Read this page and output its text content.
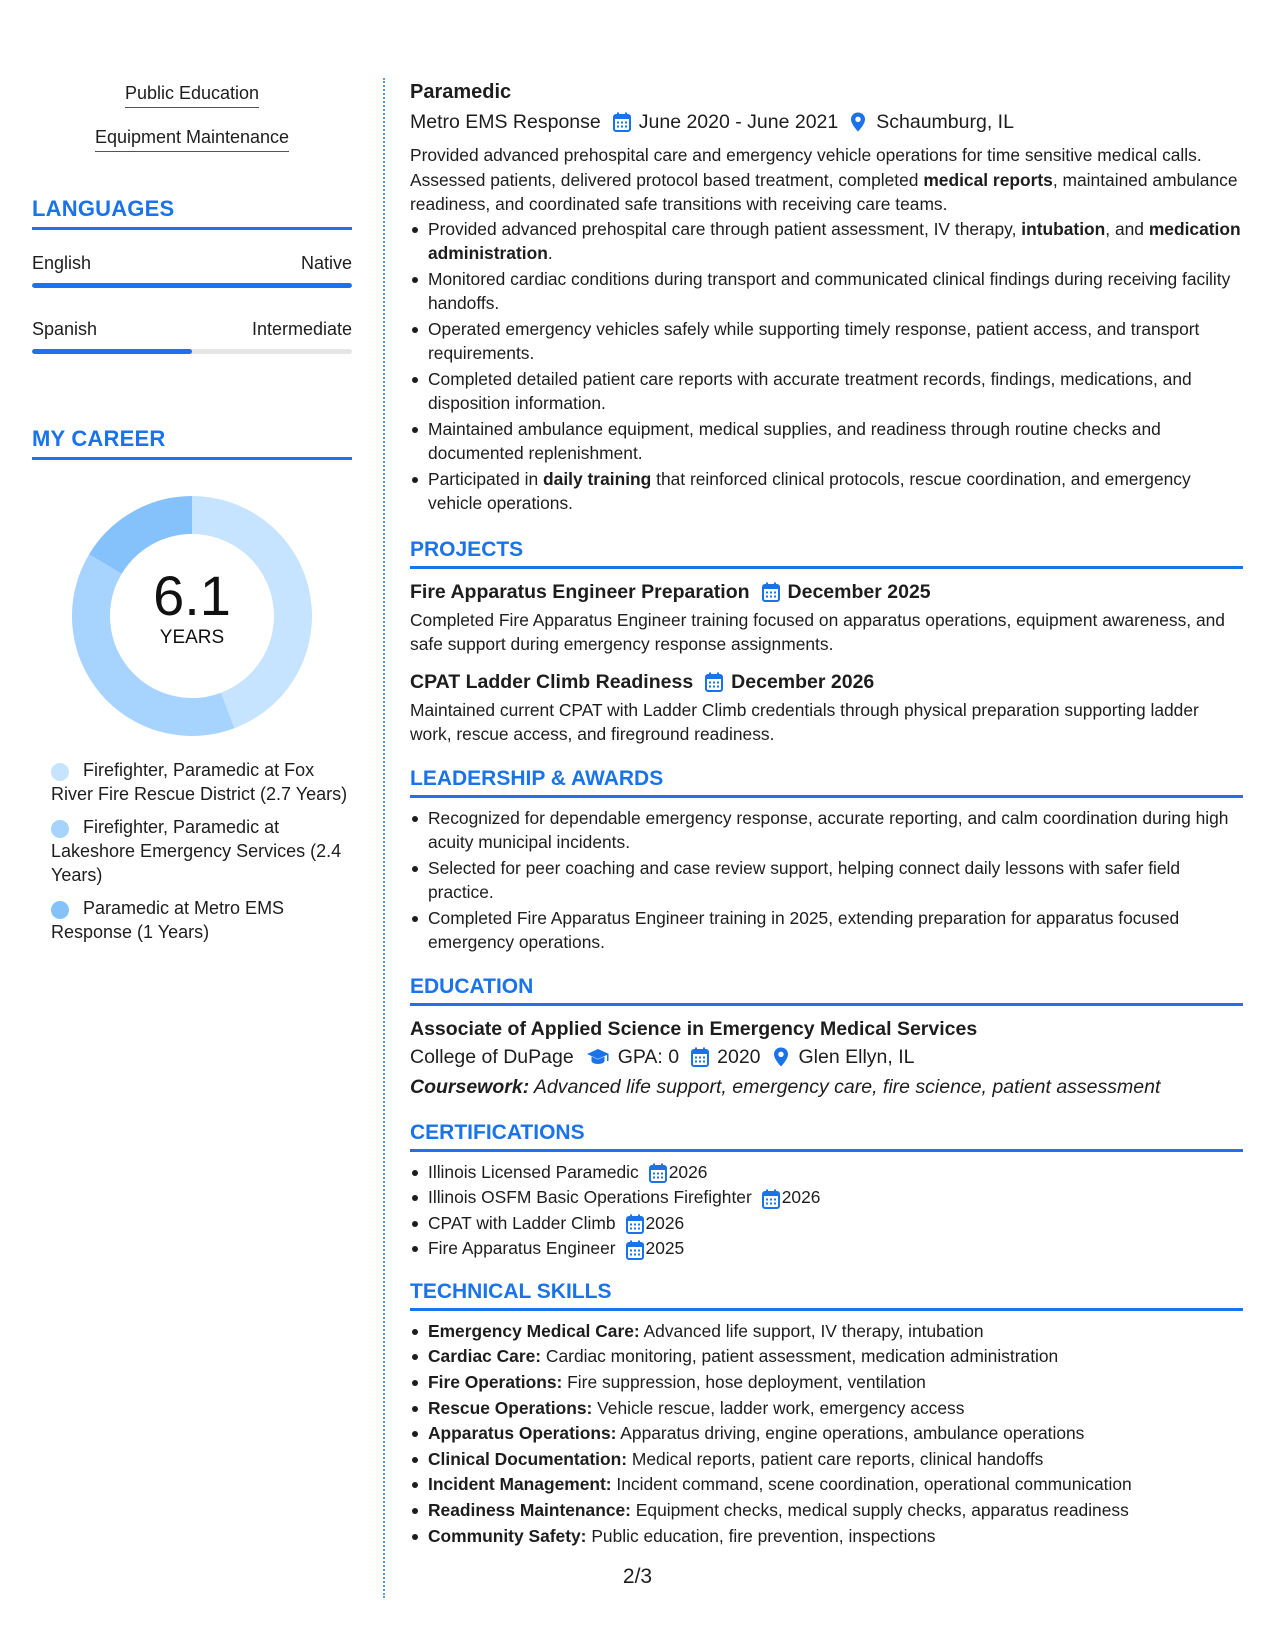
Public Education
Equipment Maintenance
LANGUAGES
English	Native
Spanish	Intermediate
MY CAREER
6.1
YEARS
Firefighter, Paramedic at Fox River Fire Rescue District (2.7 Years)
Firefighter, Paramedic at Lakeshore Emergency Services (2.4 Years)
Paramedic at Metro EMS Response (1 Years)
Paramedic
Metro EMS Response June 2020 - June 2021 Schaumburg, IL

Provided advanced prehospital care and emergency vehicle operations for time sensitive medical calls. Assessed patients, delivered protocol based treatment, completed medical reports, maintained ambulance readiness, and coordinated safe transitions with receiving care teams.

Provided advanced prehospital care through patient assessment, IV therapy, intubation, and medication administration.
Monitored cardiac conditions during transport and communicated clinical findings during receiving facility handoffs.
Operated emergency vehicles safely while supporting timely response, patient access, and transport requirements.
Completed detailed patient care reports with accurate treatment records, findings, medications, and disposition information.
Maintained ambulance equipment, medical supplies, and readiness through routine checks and documented replenishment.
Participated in daily training that reinforced clinical protocols, rescue coordination, and emergency vehicle operations.
PROJECTS
Fire Apparatus Engineer Preparation December 2025

Completed Fire Apparatus Engineer training focused on apparatus operations, equipment awareness, and safe support during emergency response assignments.

CPAT Ladder Climb Readiness December 2026

Maintained current CPAT with Ladder Climb credentials through physical preparation supporting ladder work, rescue access, and fireground readiness.

LEADERSHIP & AWARDS
Recognized for dependable emergency response, accurate reporting, and calm coordination during high acuity municipal incidents.
Selected for peer coaching and case review support, helping connect daily lessons with safer field practice.
Completed Fire Apparatus Engineer training in 2025, extending preparation for apparatus focused emergency operations.
EDUCATION
Associate of Applied Science in Emergency Medical Services
College of DuPage GPA: 0 2020 Glen Ellyn, IL
Coursework: Advanced life support, emergency care, fire science, patient assessment
CERTIFICATIONS
Illinois Licensed Paramedic 2026
Illinois OSFM Basic Operations Firefighter 2026
CPAT with Ladder Climb 2026
Fire Apparatus Engineer 2025
TECHNICAL SKILLS
Emergency Medical Care: Advanced life support, IV therapy, intubation
Cardiac Care: Cardiac monitoring, patient assessment, medication administration
Fire Operations: Fire suppression, hose deployment, ventilation
Rescue Operations: Vehicle rescue, ladder work, emergency access
Apparatus Operations: Apparatus driving, engine operations, ambulance operations
Clinical Documentation: Medical reports, patient care reports, clinical handoffs
Incident Management: Incident command, scene coordination, operational communication
Readiness Maintenance: Equipment checks, medical supply checks, apparatus readiness
Community Safety: Public education, fire prevention, inspections
2/3
